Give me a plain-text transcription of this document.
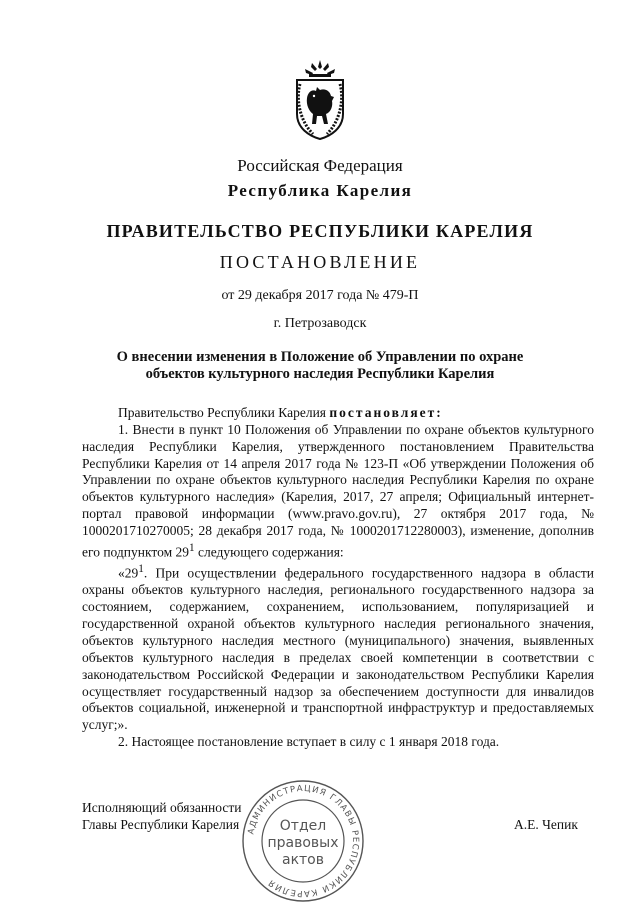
Российская Федерация
Республика Карелия
ПРАВИТЕЛЬСТВО РЕСПУБЛИКИ КАРЕЛИЯ
ПОСТАНОВЛЕНИЕ
от 29 декабря 2017 года № 479-П
г. Петрозаводск
О внесении изменения в Положение об Управлении по охране
объектов культурного наследия Республики Карелия

Правительство Республики Карелия постановляет:

1. Внести в пункт 10 Положения об Управлении по охране объектов культурного наследия Республики Карелия, утвержденного постановлением Правительства Республики Карелия от 14 апреля 2017 года № 123-П «Об утверждении Положения об Управлении по охране объектов культурного наследия Республики Карелия по охране объектов культурного наследия» (Карелия, 2017, 27 апреля; Официальный интернет-портал правовой информации (www.pravo.gov.ru), 27 октября 2017 года, № 1000201710270005; 28 декабря 2017 года, № 1000201712280003), изменение, дополнив его подпунктом $29^1$ следующего содержания:

«$29^1$. При осуществлении федерального государственного надзора в области охраны объектов культурного наследия, регионального государственного надзора за состоянием, содержанием, сохранением, использованием, популяризацией и государственной охраной объектов культурного наследия регионального значения, объектов культурного наследия местного (муниципального) значения, выявленных объектов культурного наследия в пределах своей компетенции в соответствии с законодательством Российской Федерации и законодательством Республики Карелия осуществляет государственный надзор за обеспечением доступности для инвалидов объектов социальной, инженерной и транспортной инфраструктур и предоставляемых услуг;».

2. Настоящее постановление вступает в силу с 1 января 2018 года.

Исполняющий обязанности
Главы Республики Карелия	А.Е. Чепик
АДМИНИСТРАЦИЯ ГЛАВЫ РЕСПУБЛИКИ КАРЕЛИЯ
Отдел
правовых
актов
